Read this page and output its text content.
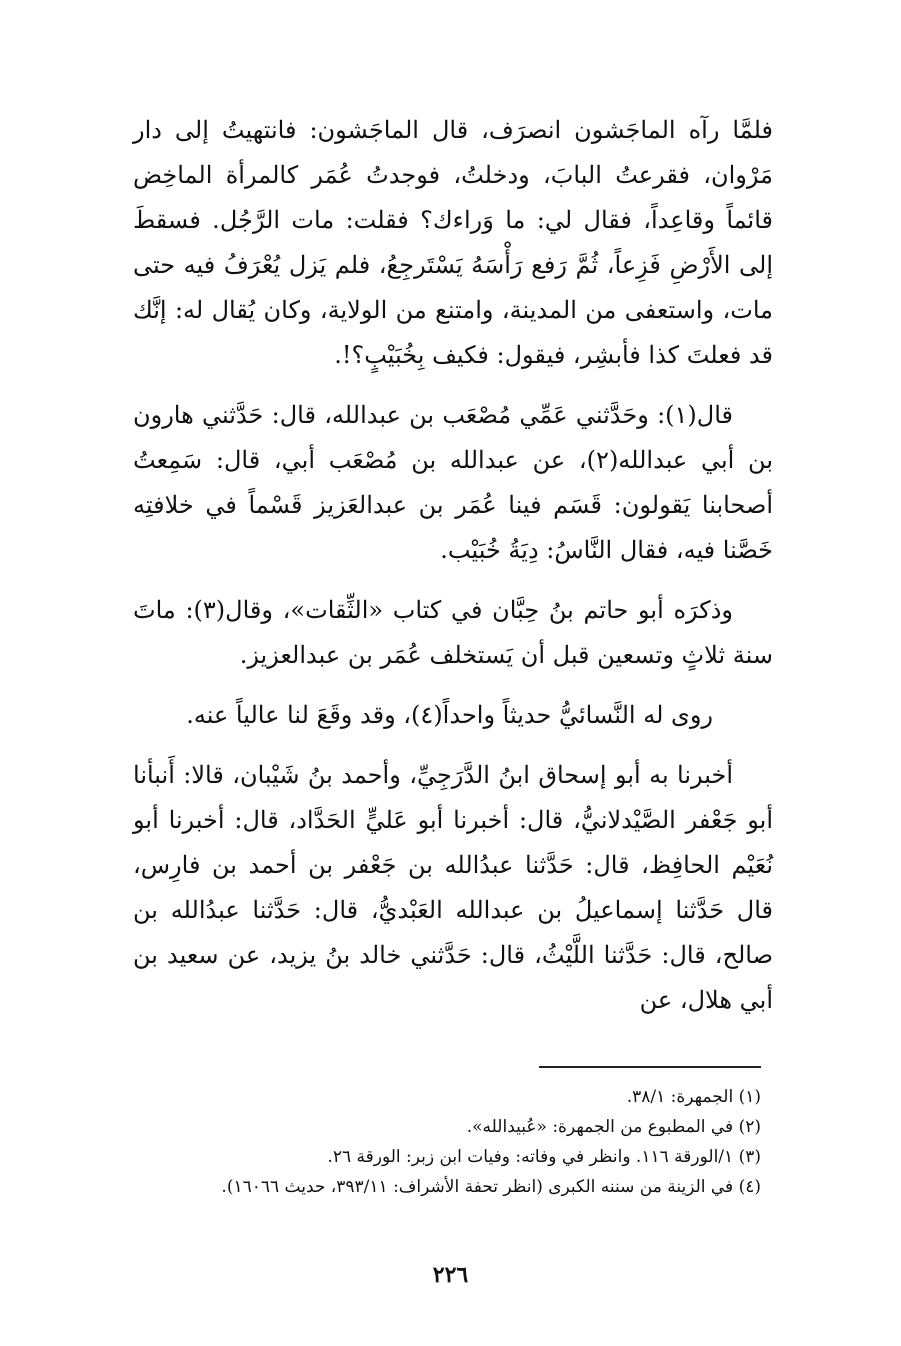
فلمَّا رآه الماجَشون انصرَف، قال الماجَشون: فانتهيتُ إلى دار مَرْوان، فقرعتُ البابَ، ودخلتُ، فوجدتُ عُمَر كالمرأة الماخِض قائماً وقاعِداً، فقال لي: ما وَراءك؟ فقلت: مات الرَّجُل. فسقطَ إلى الأَرْضِ فَزِعاً، ثُمَّ رَفع رَأْسَهُ يَسْتَرجِعُ، فلم يَزل يُعْرَفُ فيه حتى مات، واستعفى من المدينة، وامتنع من الولاية، وكان يُقال له: إنَّك قد فعلتَ كذا فأبشِر، فيقول: فكيف بِخُبَيْبٍ؟!.

قال(١): وحَدَّثني عَمِّي مُصْعَب بن عبدالله، قال: حَدَّثني هارون بن أبي عبدالله(٢)، عن عبدالله بن مُصْعَب أبي، قال: سَمِعتُ أصحابنا يَقولون: قَسَم فينا عُمَر بن عبدالعَزيز قَسْماً في خلافتِه خَصَّنا فيه، فقال النَّاسُ: دِيَةُ خُبَيْب.

وذكرَه أبو حاتم بنُ حِبَّان في كتاب «الثِّقات»، وقال(٣): ماتَ سنة ثلاثٍ وتسعين قبل أن يَستخلف عُمَر بن عبدالعزيز.

روى له النَّسائيُّ حديثاً واحداً(٤)، وقد وقَعَ لنا عالياً عنه.

أخبرنا به أبو إسحاق ابنُ الدَّرَجِيِّ، وأحمد بنُ شَيْبان، قالا: أَنبأنا أبو جَعْفر الصَّيْدلانيُّ، قال: أخبرنا أبو عَليٍّ الحَدَّاد، قال: أخبرنا أبو نُعَيْم الحافِظ، قال: حَدَّثنا عبدُالله بن جَعْفر بن أحمد بن فارِس، قال حَدَّثنا إسماعيلُ بن عبدالله العَبْديُّ، قال: حَدَّثنا عبدُالله بن صالح، قال: حَدَّثنا اللَّيْثُ، قال: حَدَّثني خالد بنُ يزيد، عن سعيد بن أبي هلال، عن

(١) الجمهرة: ٣٨/١.

(٢) في المطبوع من الجمهرة: «عُبيدالله».

(٣) ١/الورقة ١١٦. وانظر في وفاته: وفيات ابن زبر: الورقة ٢٦.

(٤) في الزينة من سننه الكبرى (انظر تحفة الأشراف: ٣٩٣/١١، حديث ١٦٠٦٦).

٢٢٦
